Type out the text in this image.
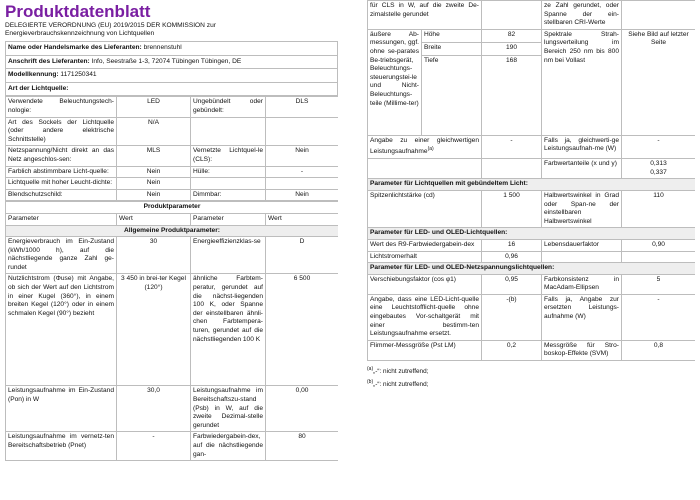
Produktdatenblatt
DELEGIERTE VERORDNUNG (EU) 2019/2015 DER KOMMISSION zur
Energieverbrauchskennzeichnung von Lichtquellen
Name oder Handelsmarke des Lieferanten: brennenstuhl
Anschrift des Lieferanten: Info, Seestraße 1-3, 72074 Tübingen Tübingen, DE
Modellkennung: 1171250341
Art der Lichtquelle:
Verwendete Beleuchtungstech-nologie:	LED	Ungebündelt oder gebündelt:	DLS
Art des Sockels der Lichtquelle (oder andere elektrische Schnittstelle)	N/A		
Netzspannung/Nicht direkt an das Netz angeschlos-sen:	MLS	Vernetzte Lichtquel-le (CLS):	Nein
Farblich abstimmbare Licht-quelle:	Nein	Hülle:	-
Lichtquelle mit hoher Leucht-dichte:	Nein		
Blendschutzschild:	Nein	Dimmbar:	Nein
Produktparameter			
Parameter	Wert	Parameter	Wert
Allgemeine Produktparameter:			
Energieverbrauch im Ein-Zustand (kWh/1000 h), auf die nächstliegende ganze Zahl ge-rundet	30	Energieeffizienzklas-se	D
Nutzlichtstrom (Φuse) mit Angabe, ob sich der Wert auf den Lichtstrom in einer Kugel (360°), in einem breiten Kegel (120°) oder in einem schmalen Kegel (90°) bezieht	3 450 in brei-ter Kegel (120°)	ähnliche Farbtem-peratur, gerundet auf die nächst-liegenden 100 K, oder Spanne der einstellbaren ähnli-chen Farbtempera-turen, gerundet auf die nächstliegenden 100 K	6 500
Leistungsaufnahme im Ein-Zustand (Pon) in W	30,0	Leistungsaufnahme im Bereitschaftszu-stand (Psb) in W, auf die zweite Dezimal-stelle gerundet	0,00
Leistungsaufnahme im vernetz-ten Bereitschaftsbetrieb (Pnet)	-	Farbwiedergabein-dex, auf die nächstliegende gan-	80
für CLS in W, auf die zweite De-zimalstelle gerundet			ze Zahl gerundet, oder Spanne der ein-stellbaren CRI-Werte	
äußere Ab-messungen, ggf. ohne se-parates Be-triebsgerät, Beleuchtungs-steuerungstei-le und Nicht-Beleuchtungs-teile (Millime-ter)	Höhe	82	Spektrale Strah-lungsverteilung im Bereich 250 nm bis 800 nm bei Vollast	Siehe Bild auf letzter Seite
	Breite	190		
	Tiefe	168		
Angabe zu einer gleichwertigen Leistungsaufnahme$^{(a)}$		-	Falls ja, gleichwerti-ge Leistungsaufnah-me (W)	-
			Farbwertanteile (x und y)	0,313
0,337
Parameter für Lichtquellen mit gebündeltem Licht:				
Spitzenlichtstärke (cd)		1 500	Halbwertswinkel in Grad oder Span-ne der einstellbaren Halbwertswinkel	110
Parameter für LED- und OLED-Lichtquellen:				
Wert des R9-Farbwiedergabein-dex		16	Lebensdauerfaktor	0,90
Lichtstromerhalt		0,96		
Parameter für LED- und OLED-Netzspannungslichtquellen:				
Verschiebungsfaktor (cos φ1)		0,95	Farbkonsistenz in MacAdam-Ellipsen	5
Angabe, dass eine LED-Licht-quelle eine Leuchtstofflicht-quelle ohne eingebautes Vor-schaltgerät mit einer bestimm-ten Leistungsaufnahme ersetzt.		-(b)	Falls ja, Angabe zur ersetzten Leistungs-aufnahme (W)	-
Flimmer-Messgröße (Pst LM)		0,2	Messgröße für Stro-boskop-Effekte (SVM)	0,8
$^{(a)}$„-“: nicht zutreffend;
$^{(b)}$„-“: nicht zutreffend;
